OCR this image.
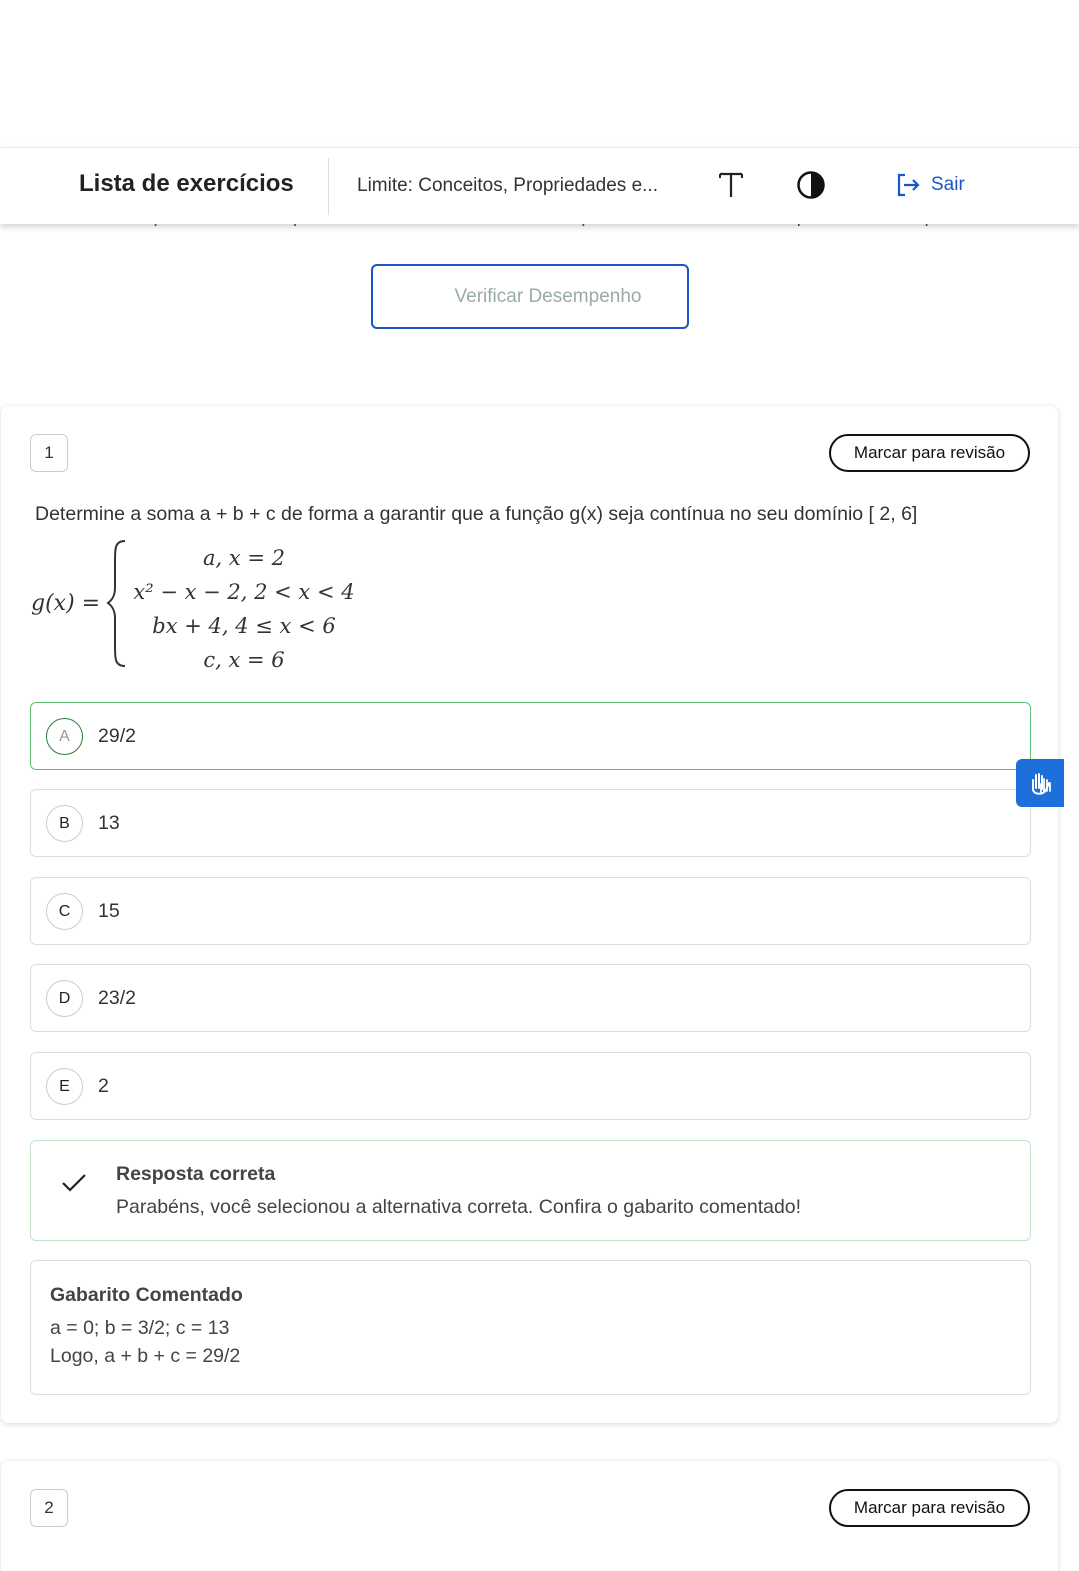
Lista de exercícios	Limite: Conceitos, Propriedades e...	Sair
Verificar Desempenho
1	Marcar para revisão
Determine a soma a + b + c de forma a garantir que a função g(x) seja contínua no seu domínio [ 2, 6]
g(x) =
a, x = 2
x² − x − 2, 2 < x < 4
bx + 4, 4 ≤ x < 6
c, x = 6
A	29/2
B	13
C	15
D	23/2
E	2
Resposta correta
Parabéns, você selecionou a alternativa correta. Confira o gabarito comentado!
Gabarito Comentado
a = 0; b = 3/2; c = 13
Logo, a + b + c = 29/2
2	Marcar para revisão
